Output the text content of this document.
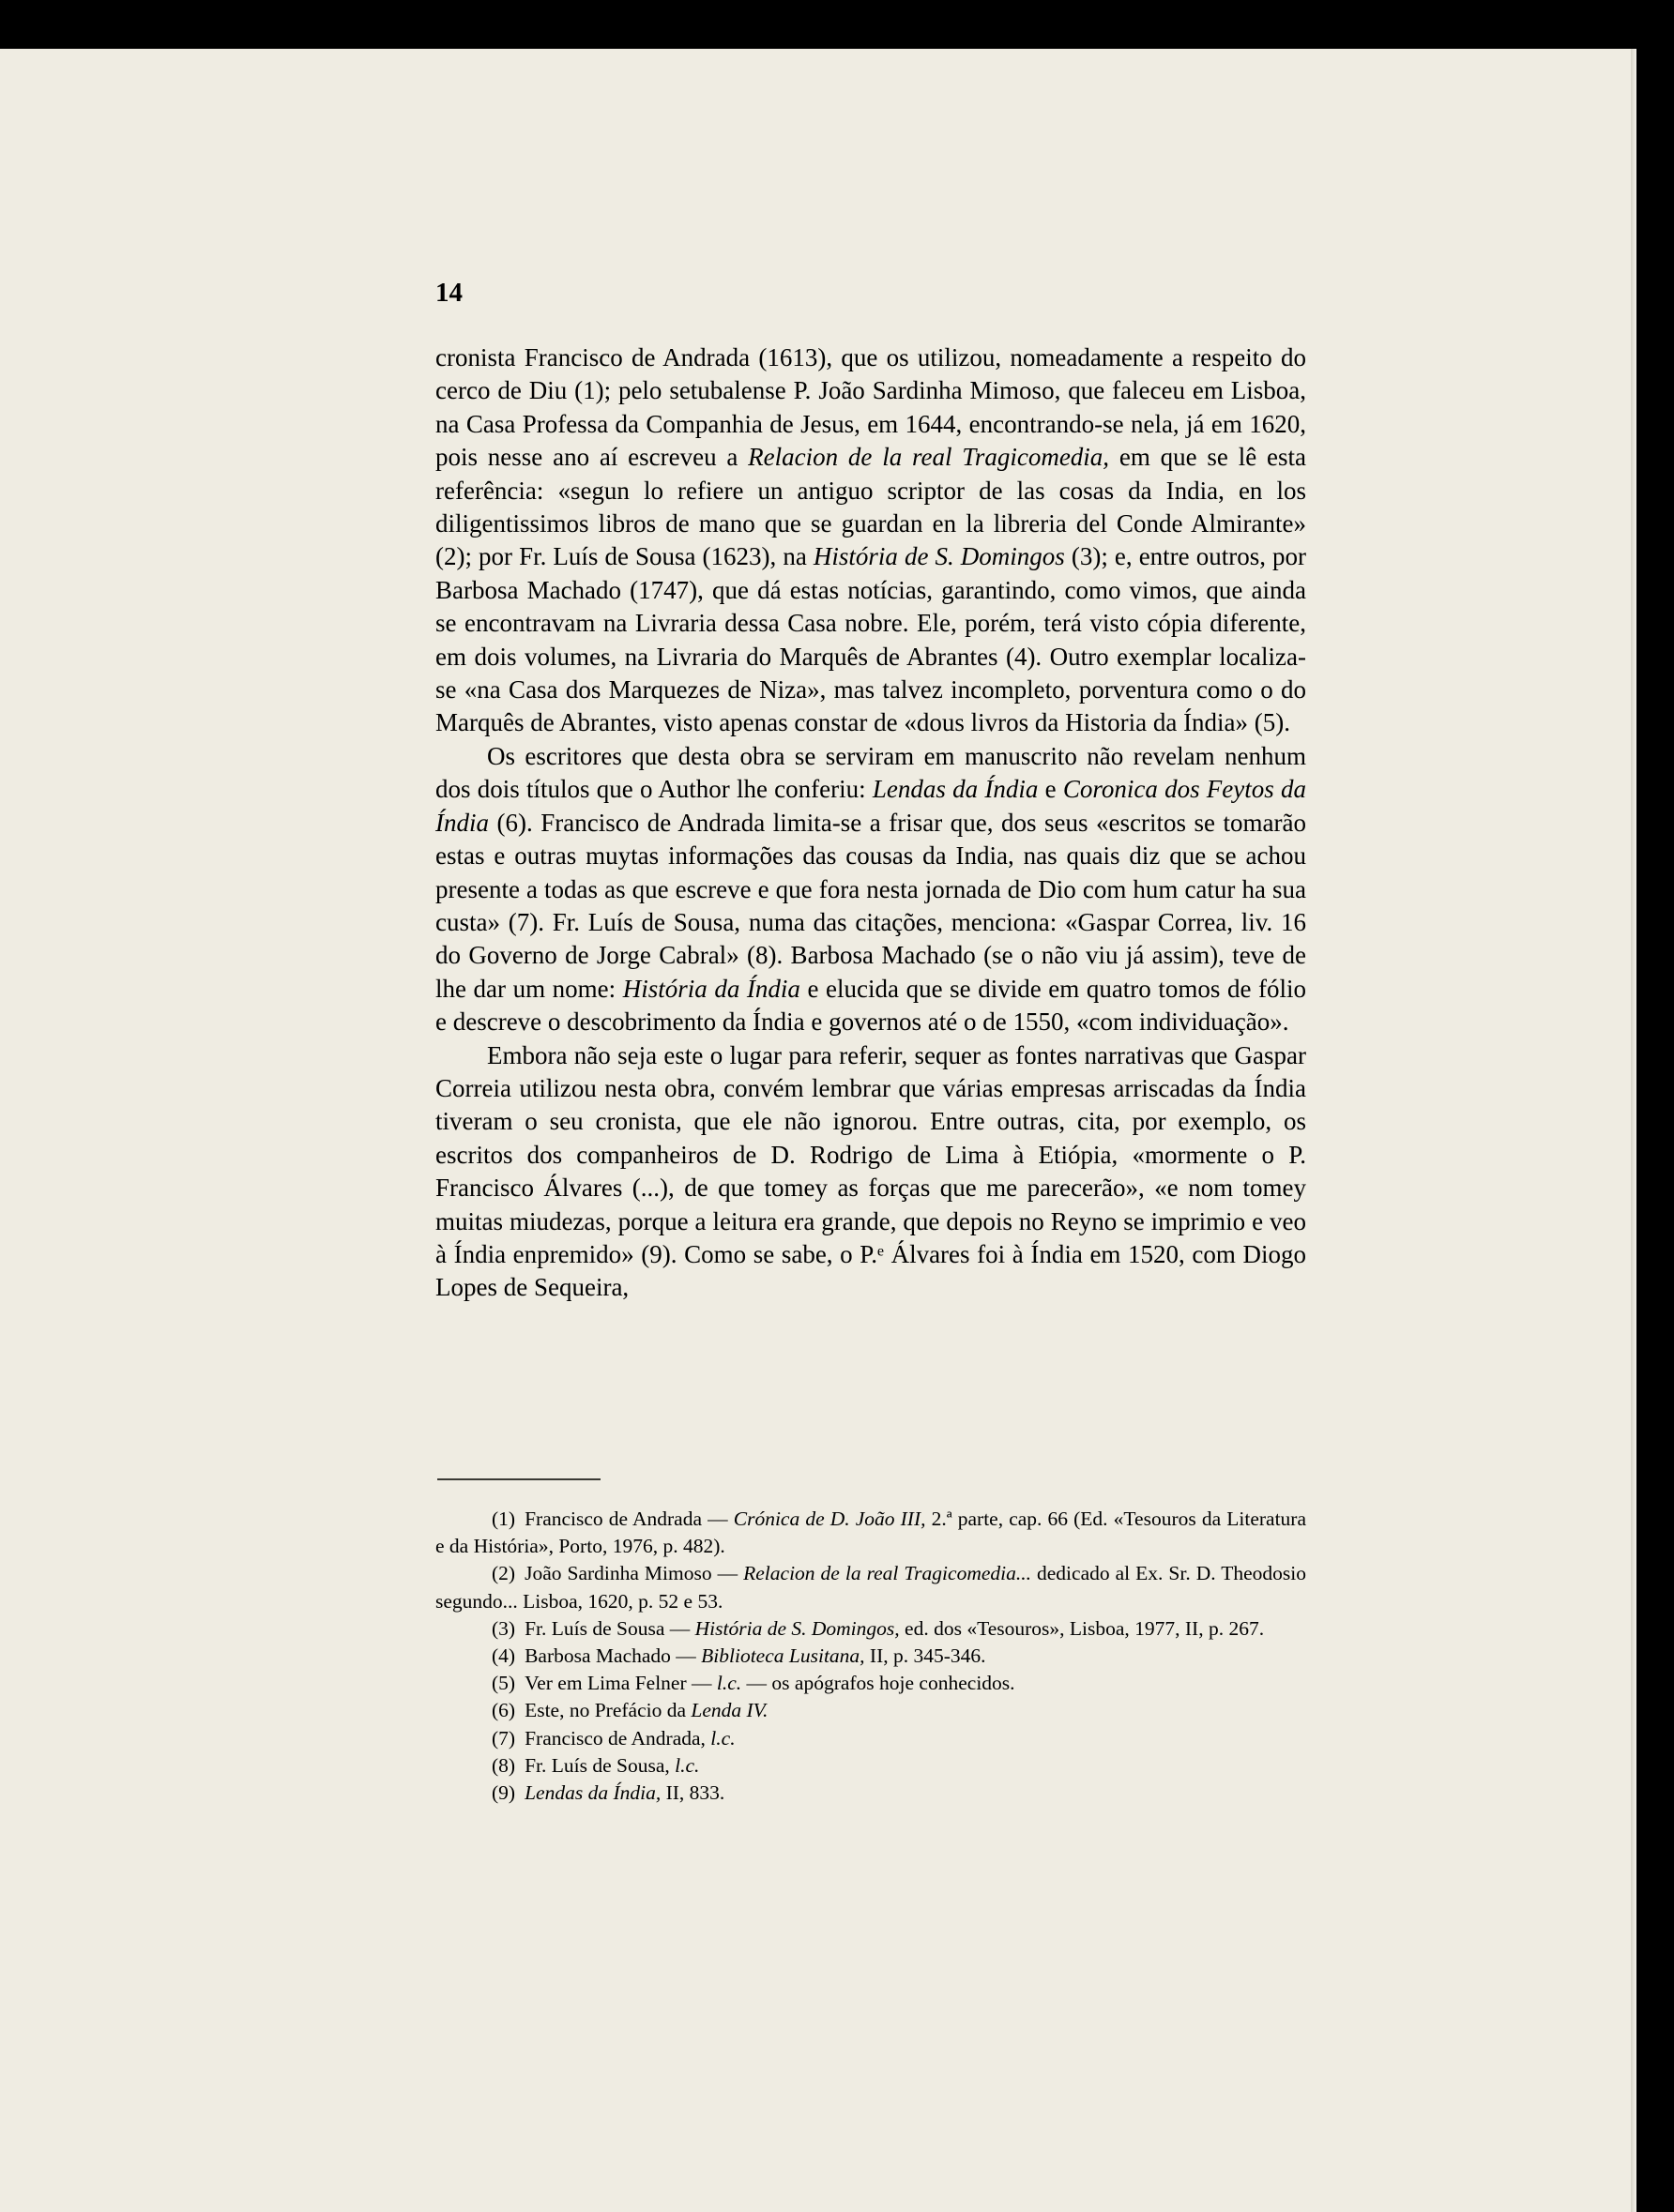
14

cronista Francisco de Andrada (1613), que os utilizou, nomeadamente a respeito do cerco de Diu (1); pelo setubalense P. João Sardinha Mimoso, que faleceu em Lisboa, na Casa Professa da Companhia de Jesus, em 1644, encontrando-se nela, já em 1620, pois nesse ano aí escreveu a Relacion de la real Tragicomedia, em que se lê esta referência: «segun lo refiere un antiguo scriptor de las cosas da India, en los diligentissimos libros de mano que se guardan en la libreria del Conde Almirante» (2); por Fr. Luís de Sousa (1623), na História de S. Domingos (3); e, entre outros, por Barbosa Machado (1747), que dá estas notícias, garantindo, como vimos, que ainda se encontravam na Livraria dessa Casa nobre. Ele, porém, terá visto cópia diferente, em dois volumes, na Livraria do Marquês de Abrantes (4). Outro exemplar localiza-se «na Casa dos Marquezes de Niza», mas talvez incompleto, porventura como o do Marquês de Abrantes, visto apenas constar de «dous livros da Historia da Índia» (5).

Os escritores que desta obra se serviram em manuscrito não revelam nenhum dos dois títulos que o Author lhe conferiu: Lendas da Índia e Coronica dos Feytos da Índia (6). Francisco de Andrada limita-se a frisar que, dos seus «escritos se tomarão estas e outras muytas informações das cousas da India, nas quais diz que se achou presente a todas as que escreve e que fora nesta jornada de Dio com hum catur ha sua custa» (7). Fr. Luís de Sousa, numa das citações, menciona: «Gaspar Correa, liv. 16 do Governo de Jorge Cabral» (8). Barbosa Machado (se o não viu já assim), teve de lhe dar um nome: História da Índia e elucida que se divide em quatro tomos de fólio e descreve o descobrimento da Índia e governos até o de 1550, «com individuação».

Embora não seja este o lugar para referir, sequer as fontes narrativas que Gaspar Correia utilizou nesta obra, convém lembrar que várias empresas arriscadas da Índia tiveram o seu cronista, que ele não ignorou. Entre outras, cita, por exemplo, os escritos dos companheiros de D. Rodrigo de Lima à Etiópia, «mormente o P. Francisco Álvares (...), de que tomey as forças que me parecerão», «e nom tomey muitas miudezas, porque a leitura era grande, que depois no Reyno se imprimio e veo à Índia enpremido» (9). Como se sabe, o P.ᵉ Álvares foi à Índia em 1520, com Diogo Lopes de Sequeira,

(1) Francisco de Andrada — Crónica de D. João III, 2.ª parte, cap. 66 (Ed. «Tesouros da Literatura e da História», Porto, 1976, p. 482).
(2) João Sardinha Mimoso — Relacion de la real Tragicomedia... dedicado al Ex. Sr. D. Theodosio segundo... Lisboa, 1620, p. 52 e 53.
(3) Fr. Luís de Sousa — História de S. Domingos, ed. dos «Tesouros», Lisboa, 1977, II, p. 267.
(4) Barbosa Machado — Biblioteca Lusitana, II, p. 345-346.
(5) Ver em Lima Felner — l.c. — os apógrafos hoje conhecidos.
(6) Este, no Prefácio da Lenda IV.
(7) Francisco de Andrada, l.c.
(8) Fr. Luís de Sousa, l.c.
(9) Lendas da Índia, II, 833.
